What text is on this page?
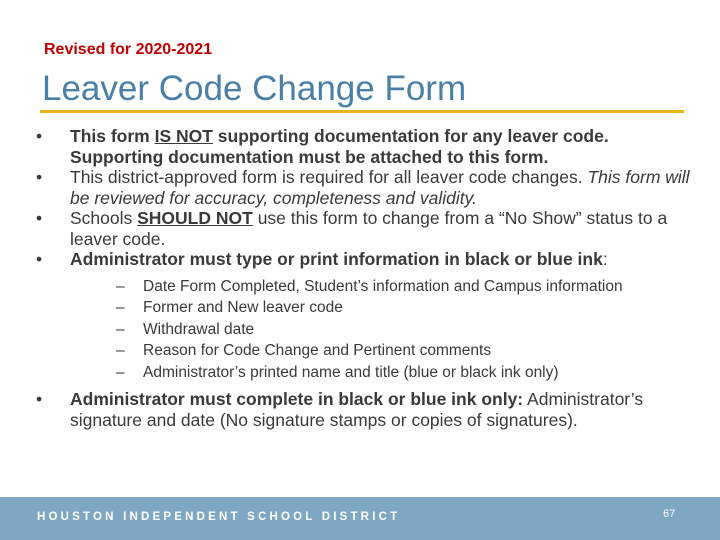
Revised for 2020-2021
Leaver Code Change Form
• This form IS NOT supporting documentation for any leaver code. Supporting documentation must be attached to this form.
• This district-approved form is required for all leaver code changes. This form will be reviewed for accuracy, completeness and validity.
• Schools SHOULD NOT use this form to change from a “No Show” status to a leaver code.
• Administrator must type or print information in black or blue ink:
– Date Form Completed, Student’s information and Campus information
– Former and New leaver code
– Withdrawal date
– Reason for Code Change and Pertinent comments
– Administrator’s printed name and title (blue or black ink only)
• Administrator must complete in black or blue ink only: Administrator’s signature and date (No signature stamps or copies of signatures).
HOUSTON INDEPENDENT SCHOOL DISTRICT	67
